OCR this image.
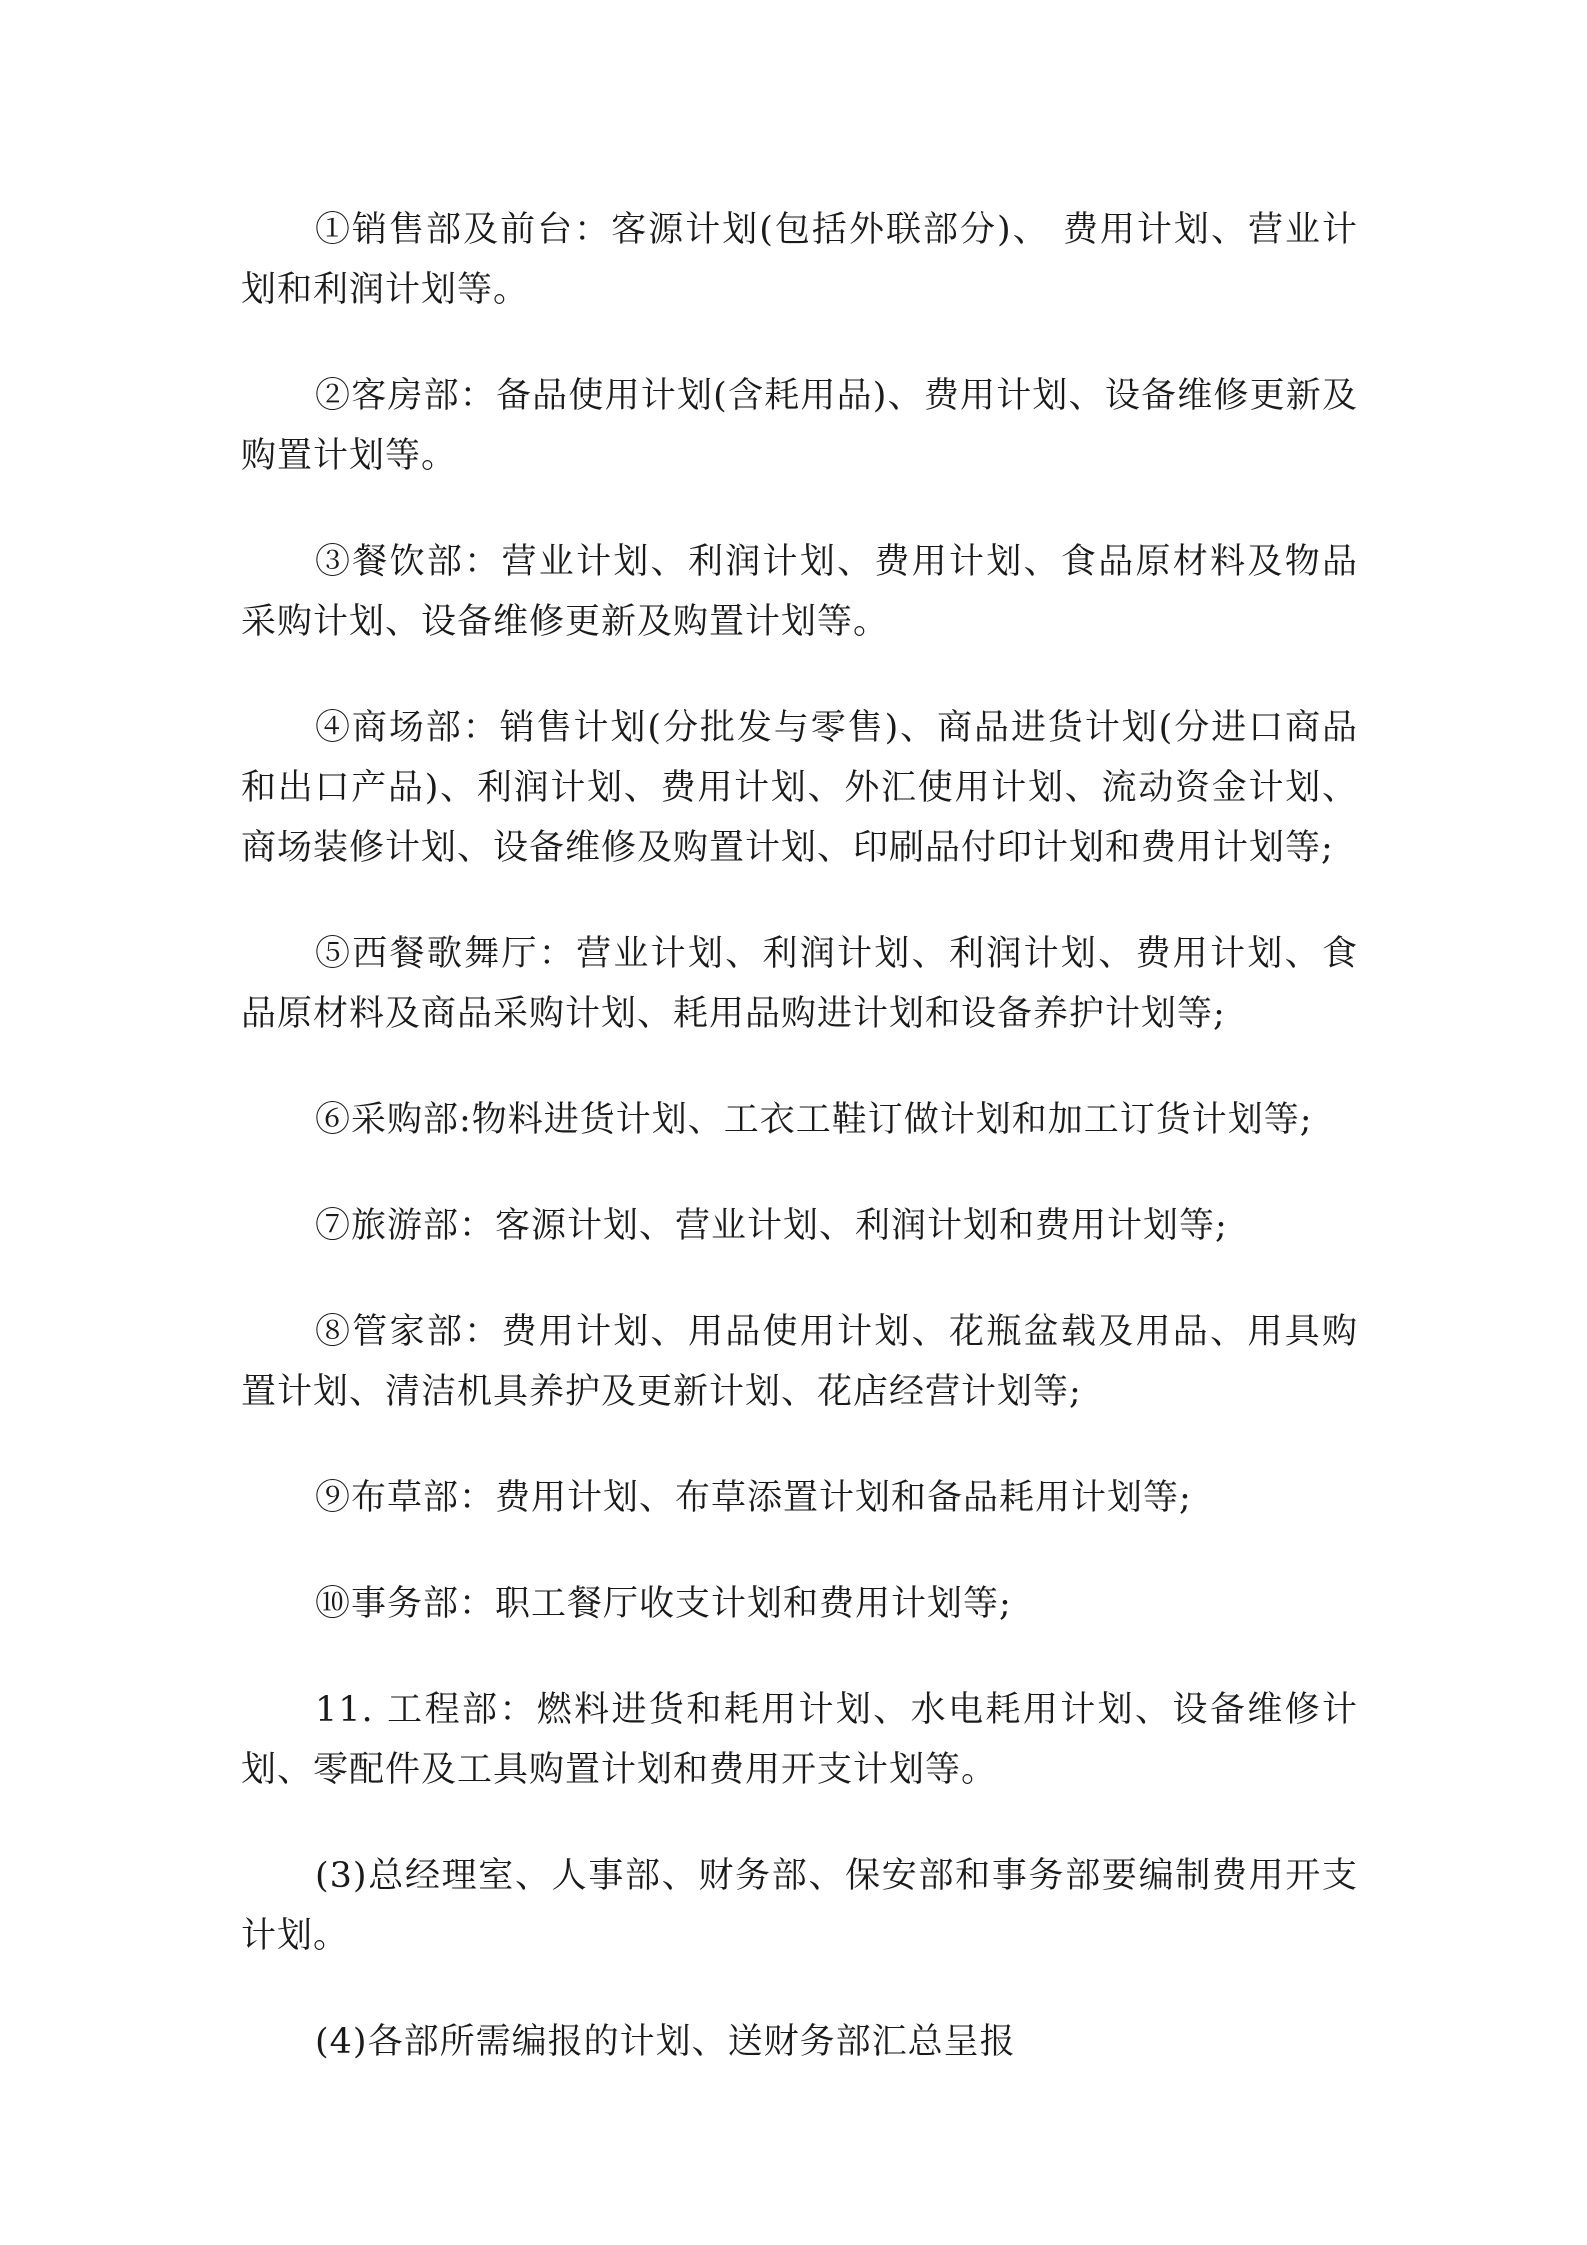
①销售部及前台：客源计划(包括外联部分)、 费用计划、营业计划和利润计划等。

②客房部：备品使用计划(含耗用品)、费用计划、设备维修更新及购置计划等。

③餐饮部：营业计划、利润计划、费用计划、食品原材料及物品采购计划、设备维修更新及购置计划等。

④商场部：销售计划(分批发与零售)、商品进货计划(分进口商品和出口产品)、利润计划、费用计划、外汇使用计划、流动资金计划、商场装修计划、设备维修及购置计划、印刷品付印计划和费用计划等;

⑤西餐歌舞厅：营业计划、利润计划、利润计划、费用计划、食品原材料及商品采购计划、耗用品购进计划和设备养护计划等;

⑥采购部:物料进货计划、工衣工鞋订做计划和加工订货计划等;

⑦旅游部：客源计划、营业计划、利润计划和费用计划等;

⑧管家部：费用计划、用品使用计划、花瓶盆载及用品、用具购置计划、清洁机具养护及更新计划、花店经营计划等;

⑨布草部：费用计划、布草添置计划和备品耗用计划等;

⑩事务部：职工餐厅收支计划和费用计划等;

11. 工程部：燃料进货和耗用计划、水电耗用计划、设备维修计划、零配件及工具购置计划和费用开支计划等。

(3)总经理室、人事部、财务部、保安部和事务部要编制费用开支计划。

(4)各部所需编报的计划、送财务部汇总呈报
